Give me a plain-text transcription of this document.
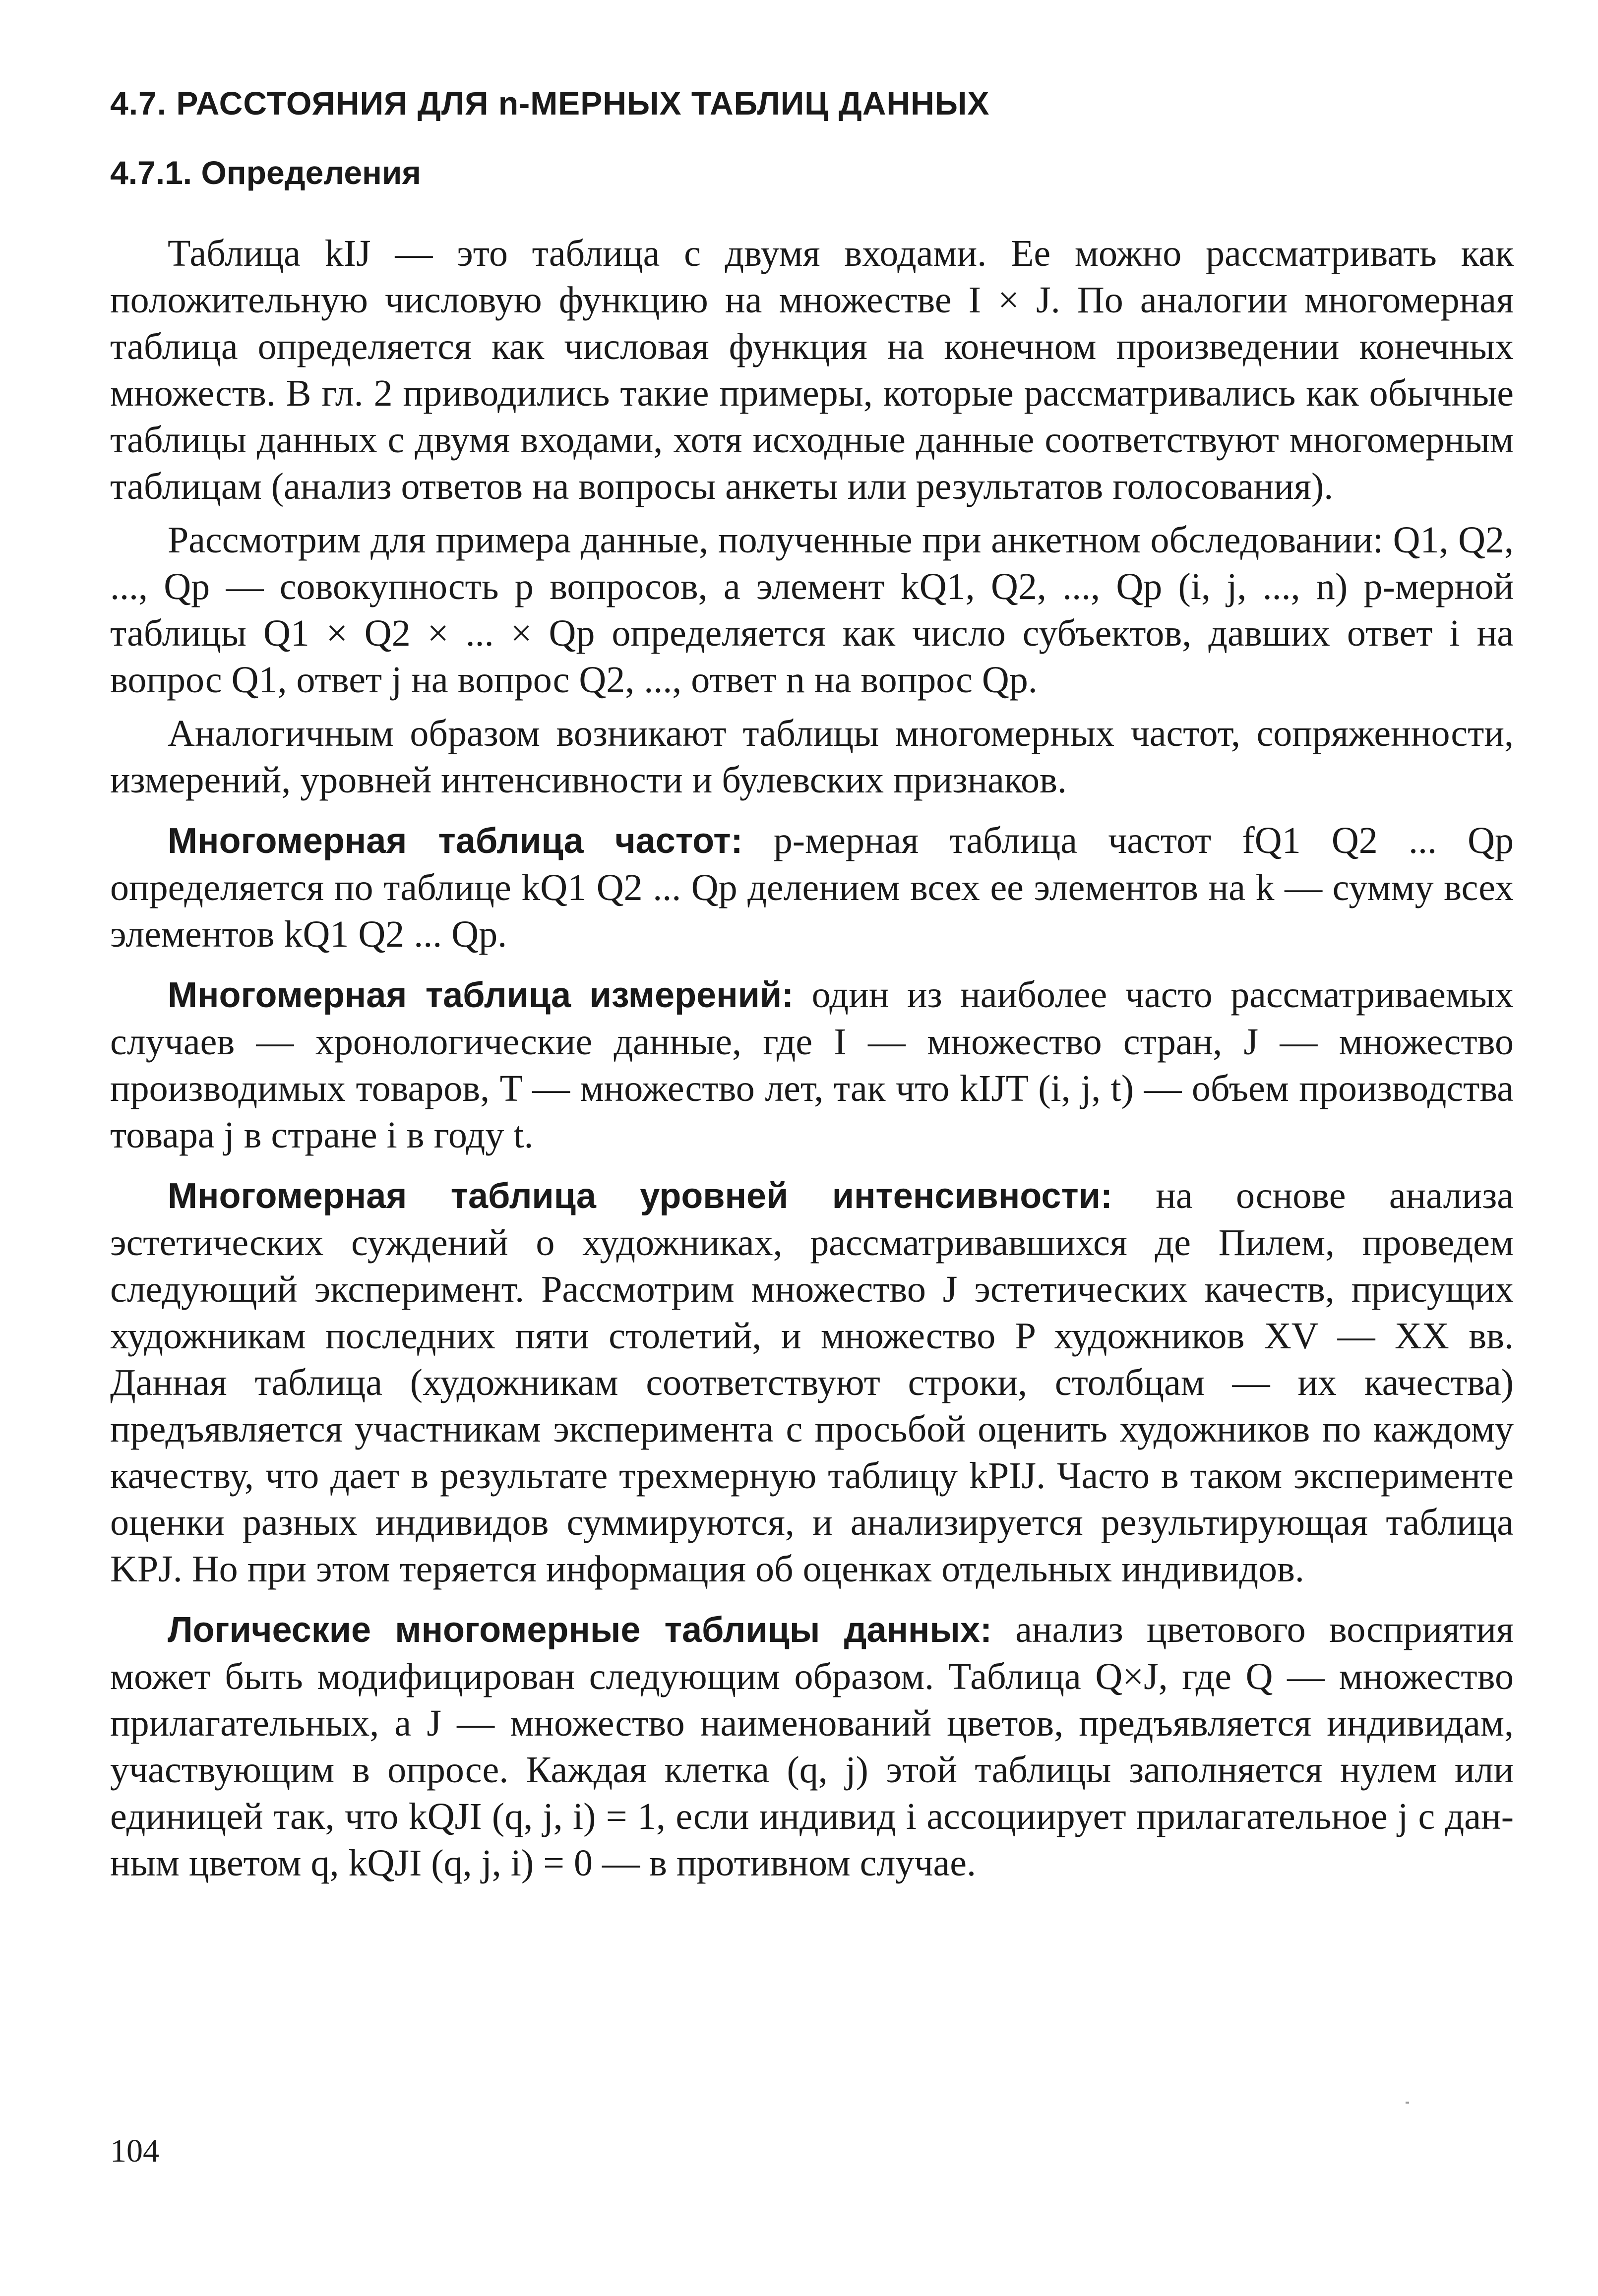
4.7. РАССТОЯНИЯ ДЛЯ n-МЕРНЫХ ТАБЛИЦ ДАННЫХ
4.7.1. Определения

Таблица kIJ — это таблица с двумя входами. Ее можно рассматривать как положительную числовую функцию на множестве I × J. По аналогии многомерная таблица определяется как числовая функция на конечном произведении конечных множеств. В гл. 2 приводились такие примеры, которые рассматривались как обычные таблицы данных с двумя входами, хотя исходные данные соответствуют многомерным таблицам (анализ ответов на вопросы анкеты или результатов голосования).

Рассмотрим для примера данные, полученные при анкетном обследовании: Q1, Q2, ..., Qp — совокупность p вопросов, а элемент kQ1, Q2, ..., Qp (i, j, ..., n) p-мерной таблицы Q1 × Q2 × ... × Qp определяется как число субъектов, давших ответ i на вопрос Q1, ответ j на вопрос Q2, ..., ответ n на вопрос Qp.

Аналогичным образом возникают таблицы многомерных частот, сопряженности, измерений, уровней интенсивности и булевских признаков.

Многомерная таблица частот: p-мерная таблица частот fQ1 Q2 ... Qp определяется по таблице kQ1 Q2 ... Qp делением всех ее элементов на k — сумму всех элементов kQ1 Q2 ... Qp.

Многомерная таблица измерений: один из наиболее часто рассматриваемых случаев — хронологические данные, где I — множество стран, J — множество производимых товаров, T — множество лет, так что kIJT (i, j, t) — объем производства товара j в стране i в году t.

Многомерная таблица уровней интенсивности: на основе анализа эстетических суждений о художниках, рассматривавшихся де Пилем, проведем следующий эксперимент. Рассмотрим множество J эстетических качеств, присущих художникам последних пяти столетий, и множество P художников XV — XX вв. Данная таблица (художникам соответствуют строки, столбцам — их качества) предъявляется участникам эксперимента с просьбой оценить художников по каждому качеству, что дает в результате трехмерную таблицу kPIJ. Часто в таком эксперименте оценки разных индивидов суммируются, и анализируется результирующая таблица KPJ. Но при этом теряется информация об оценках отдельных индивидов.

Логические многомерные таблицы данных: анализ цветового восприятия может быть модифицирован следующим образом. Таблица Q×J, где Q — множество прилагательных, а J — множество наименований цветов, предъявляется индивидам, участвующим в опросе. Каждая клетка (q, j) этой таблицы заполняется нулем или единицей так, что kQJI (q, j, i) = 1, если индивид i ассоциирует прилагательное j с данным цветом q, kQJI (q, j, i) = 0 — в противном случае.

104
